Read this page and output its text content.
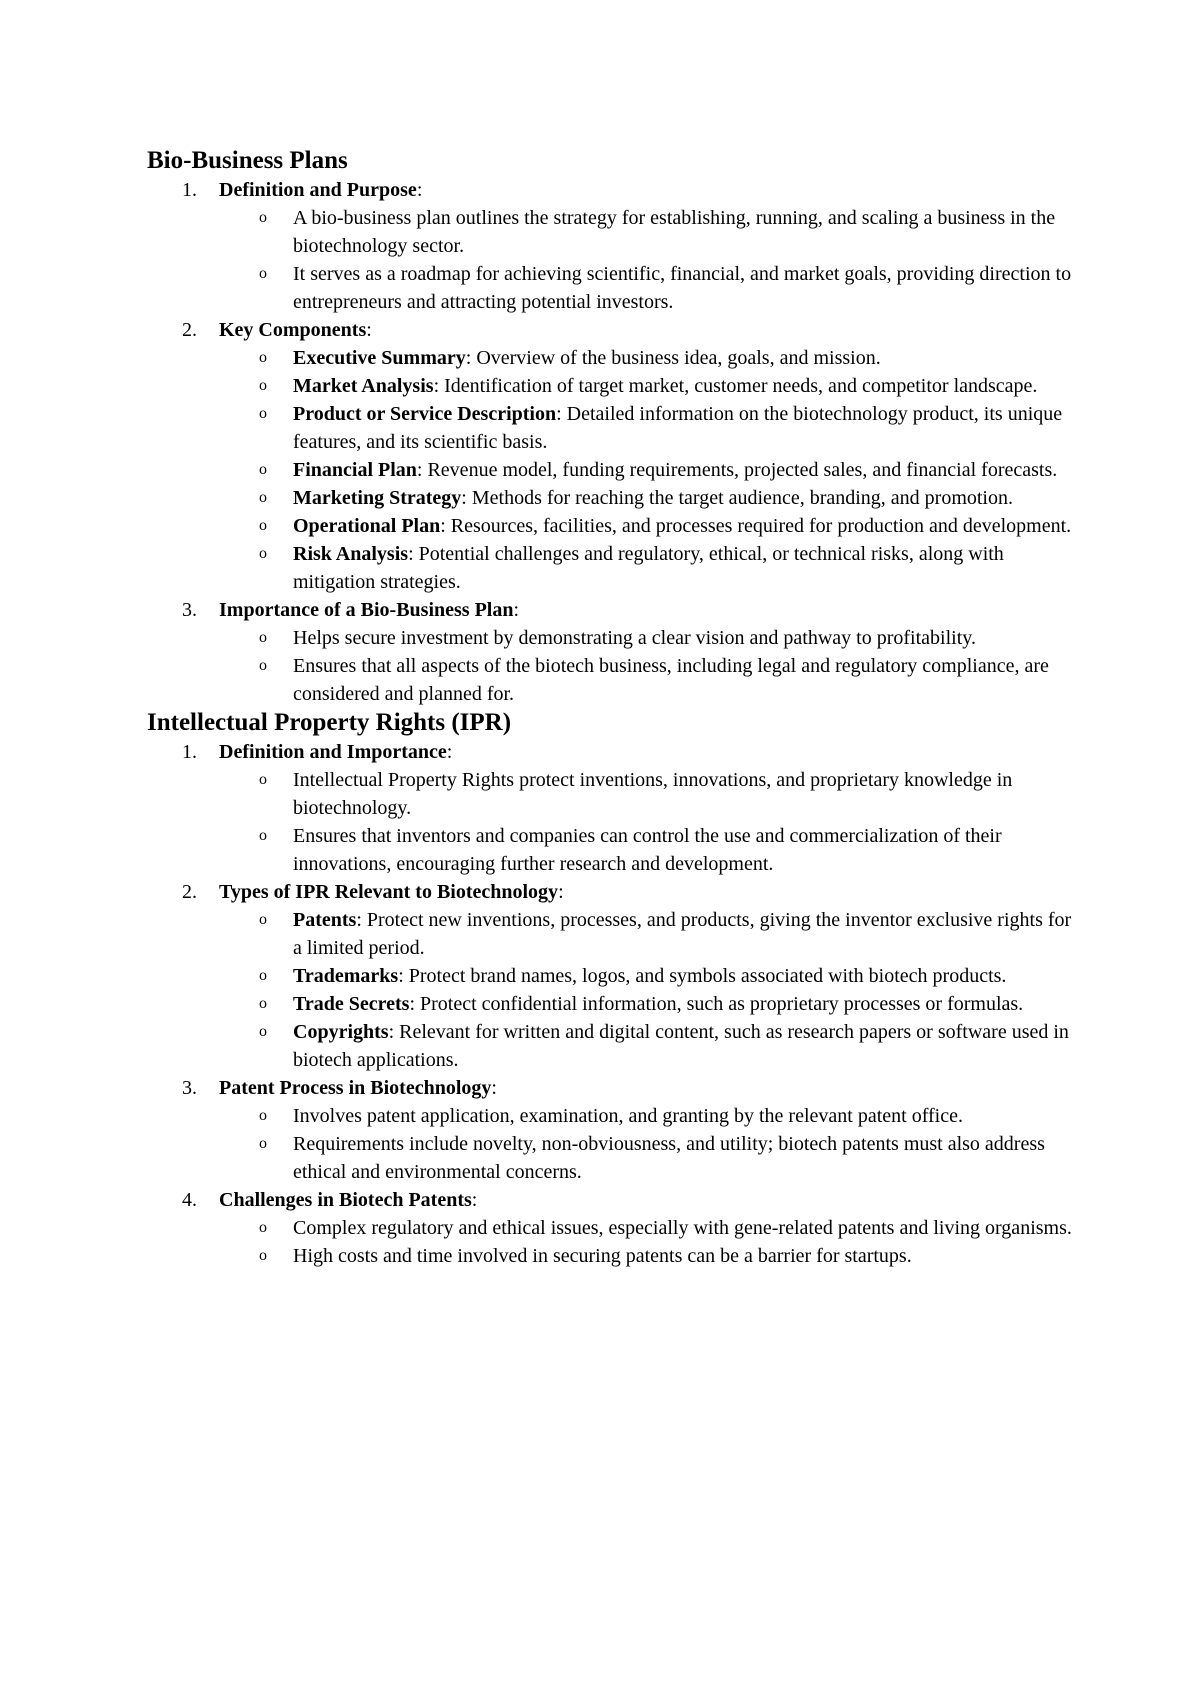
Bio-Business Plans
1.	Definition and Purpose:
o A bio-business plan outlines the strategy for establishing, running, and scaling a business in the biotechnology sector.
o It serves as a roadmap for achieving scientific, financial, and market goals, providing direction to entrepreneurs and attracting potential investors.
2.	Key Components:
o Executive Summary: Overview of the business idea, goals, and mission.
o Market Analysis: Identification of target market, customer needs, and competitor landscape.
o Product or Service Description: Detailed information on the biotechnology product, its unique features, and its scientific basis.
o Financial Plan: Revenue model, funding requirements, projected sales, and financial forecasts.
o Marketing Strategy: Methods for reaching the target audience, branding, and promotion.
o Operational Plan: Resources, facilities, and processes required for production and development.
o Risk Analysis: Potential challenges and regulatory, ethical, or technical risks, along with mitigation strategies.
3.	Importance of a Bio-Business Plan:
o Helps secure investment by demonstrating a clear vision and pathway to profitability.
o Ensures that all aspects of the biotech business, including legal and regulatory compliance, are considered and planned for.
Intellectual Property Rights (IPR)
1.	Definition and Importance:
o Intellectual Property Rights protect inventions, innovations, and proprietary knowledge in biotechnology.
o Ensures that inventors and companies can control the use and commercialization of their innovations, encouraging further research and development.
2.	Types of IPR Relevant to Biotechnology:
o Patents: Protect new inventions, processes, and products, giving the inventor exclusive rights for a limited period.
o Trademarks: Protect brand names, logos, and symbols associated with biotech products.
o Trade Secrets: Protect confidential information, such as proprietary processes or formulas.
o Copyrights: Relevant for written and digital content, such as research papers or software used in biotech applications.
3.	Patent Process in Biotechnology:
o Involves patent application, examination, and granting by the relevant patent office.
o Requirements include novelty, non-obviousness, and utility; biotech patents must also address ethical and environmental concerns.
4.	Challenges in Biotech Patents:
o Complex regulatory and ethical issues, especially with gene-related patents and living organisms.
o High costs and time involved in securing patents can be a barrier for startups.
